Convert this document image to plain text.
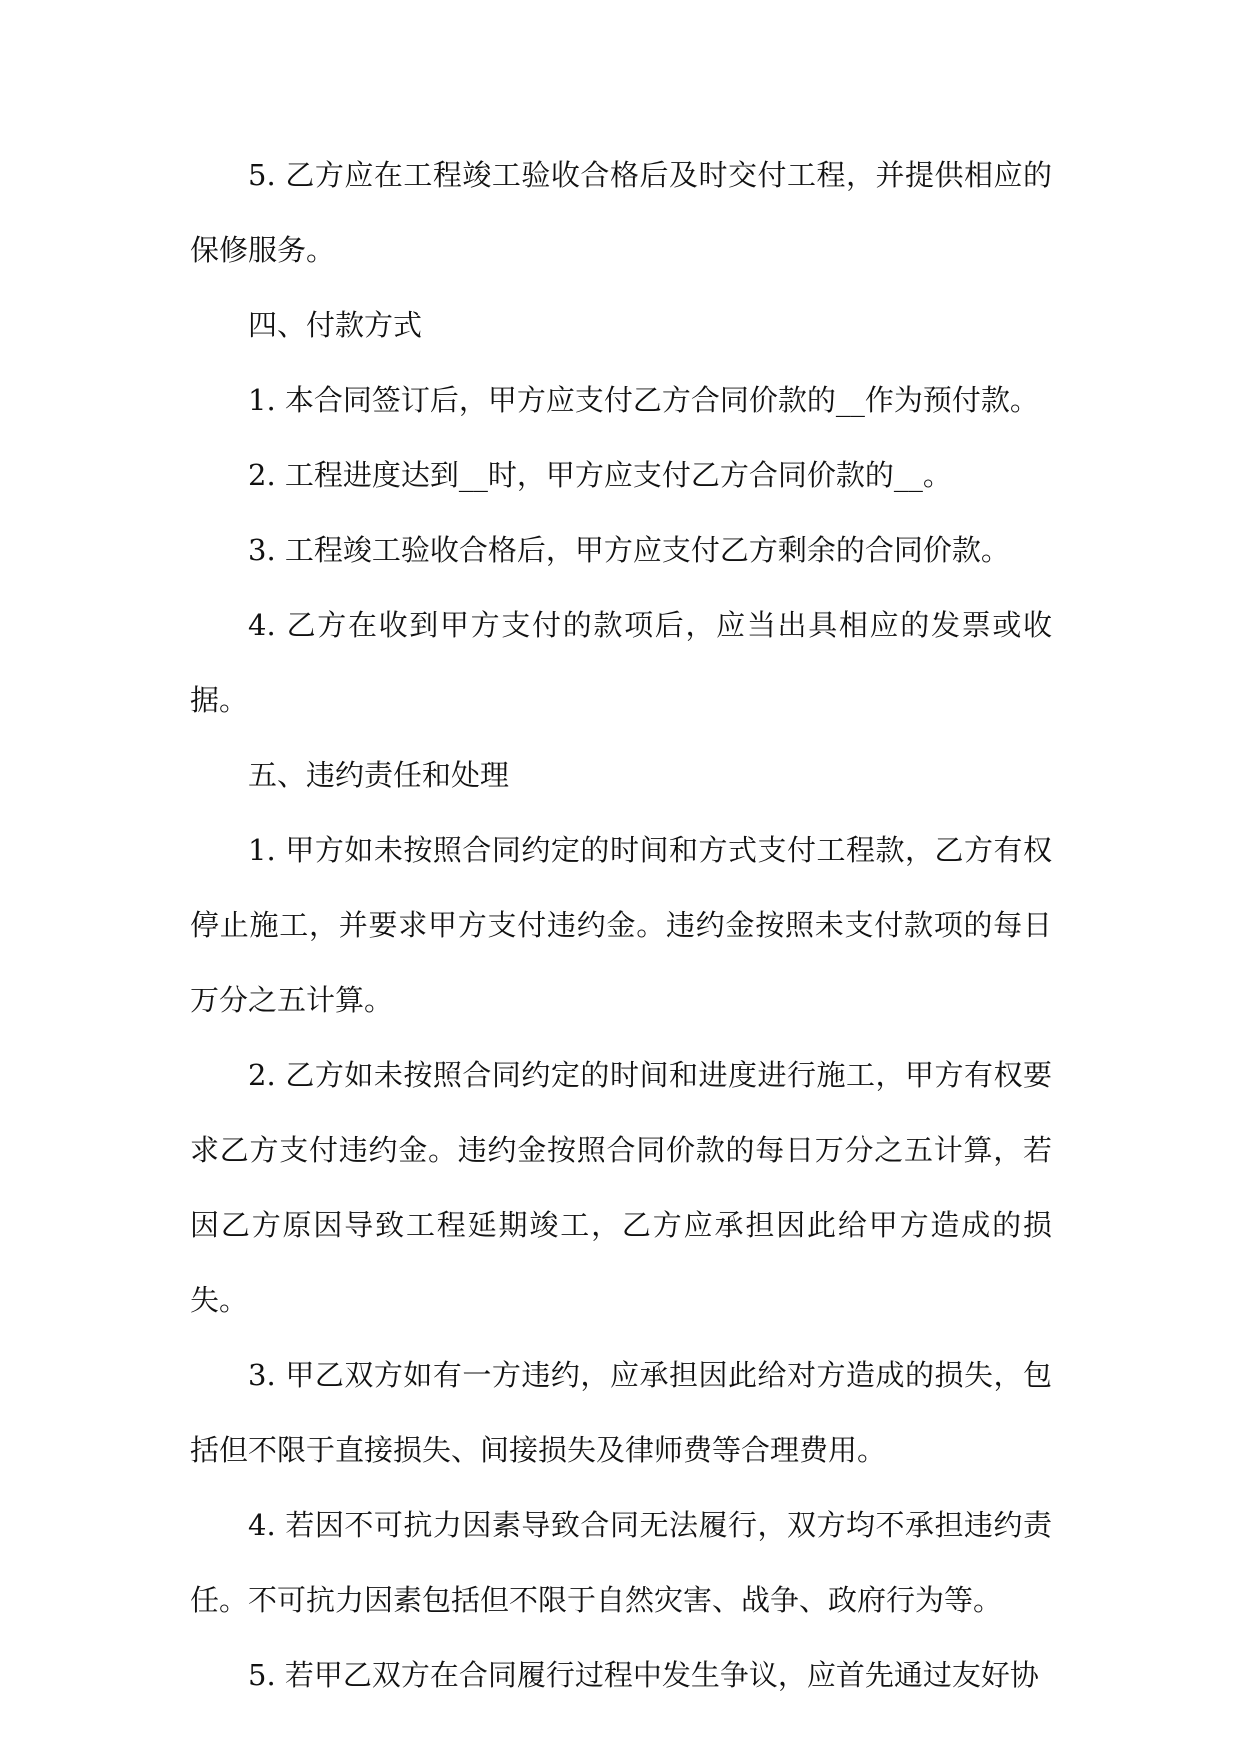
5. 乙方应在工程竣工验收合格后及时交付工程，并提供相应的保修服务。

四、付款方式

1. 本合同签订后，甲方应支付乙方合同价款的__作为预付款。

2. 工程进度达到__时，甲方应支付乙方合同价款的__。

3. 工程竣工验收合格后，甲方应支付乙方剩余的合同价款。

4. 乙方在收到甲方支付的款项后，应当出具相应的发票或收据。

五、违约责任和处理

1. 甲方如未按照合同约定的时间和方式支付工程款，乙方有权停止施工，并要求甲方支付违约金。违约金按照未支付款项的每日万分之五计算。

2. 乙方如未按照合同约定的时间和进度进行施工，甲方有权要求乙方支付违约金。违约金按照合同价款的每日万分之五计算，若因乙方原因导致工程延期竣工，乙方应承担因此给甲方造成的损失。

3. 甲乙双方如有一方违约，应承担因此给对方造成的损失，包括但不限于直接损失、间接损失及律师费等合理费用。

4. 若因不可抗力因素导致合同无法履行，双方均不承担违约责任。不可抗力因素包括但不限于自然灾害、战争、政府行为等。

5. 若甲乙双方在合同履行过程中发生争议，应首先通过友好协
